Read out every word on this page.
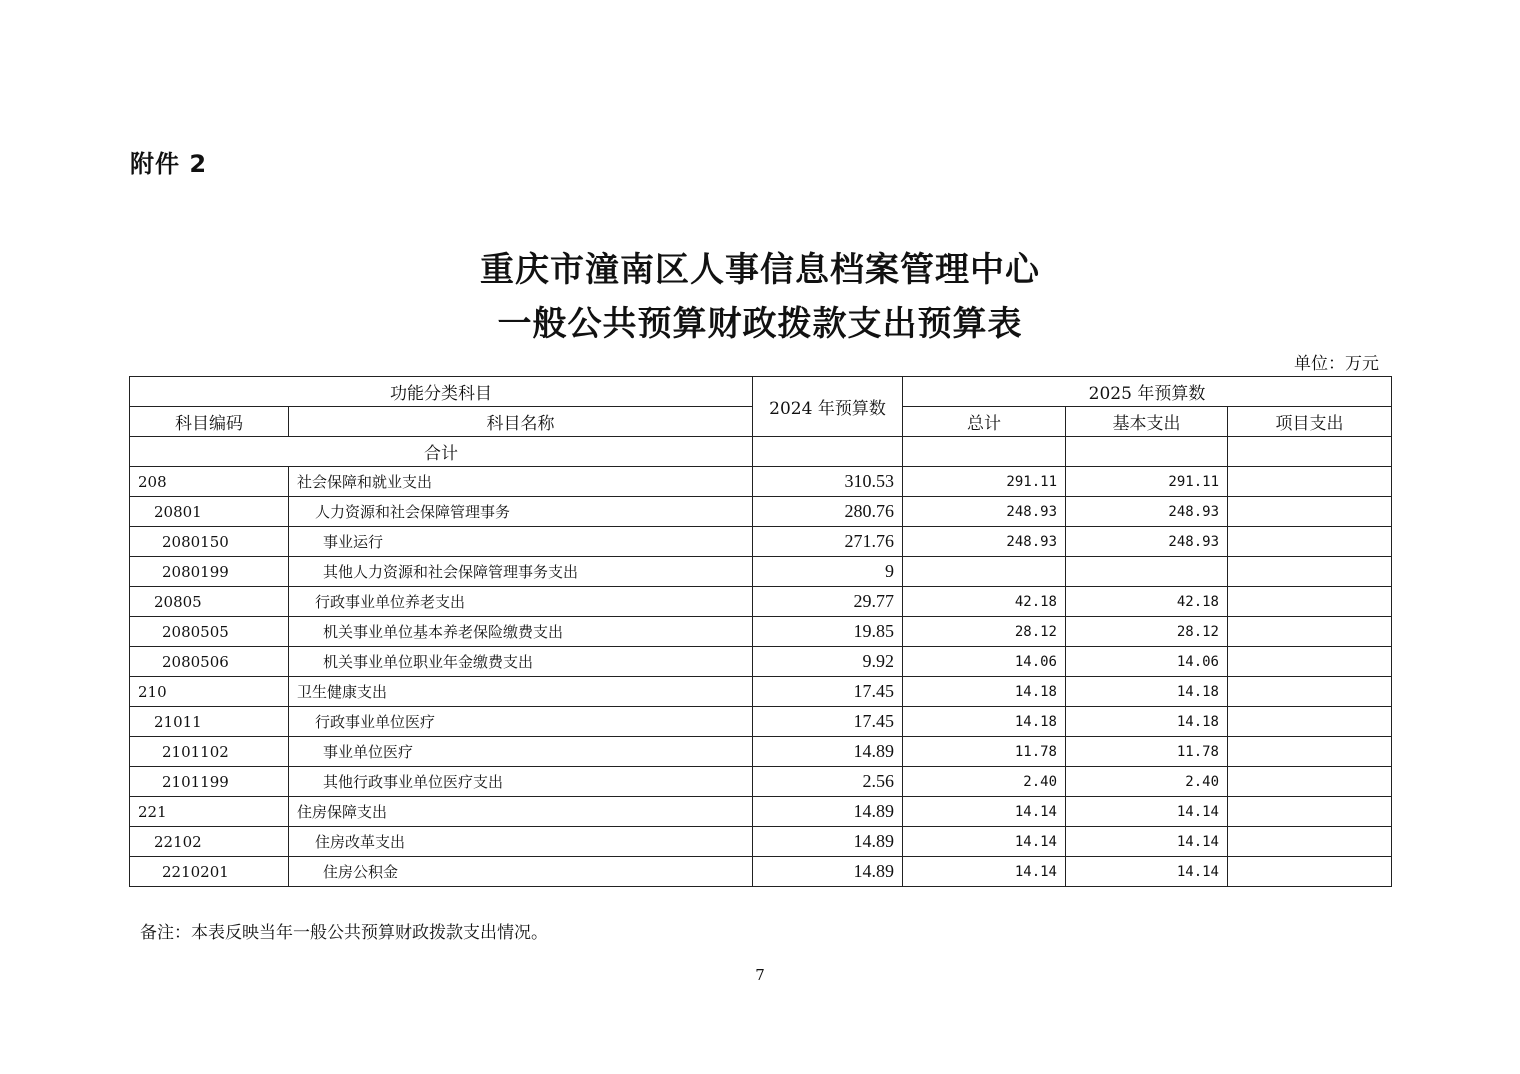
附件 2
重庆市潼南区人事信息档案管理中心
一般公共预算财政拨款支出预算表
单位：万元
功能分类科目		2024 年预算数	2025 年预算数		
科目编码	科目名称		总计	基本支出	项目支出
合计					
208	社会保障和就业支出	310.53	291.11	291.11	
20801	人力资源和社会保障管理事务	280.76	248.93	248.93	
2080150	事业运行	271.76	248.93	248.93	
2080199	其他人力资源和社会保障管理事务支出	9			
20805	行政事业单位养老支出	29.77	42.18	42.18	
2080505	机关事业单位基本养老保险缴费支出	19.85	28.12	28.12	
2080506	机关事业单位职业年金缴费支出	9.92	14.06	14.06	
210	卫生健康支出	17.45	14.18	14.18	
21011	行政事业单位医疗	17.45	14.18	14.18	
2101102	事业单位医疗	14.89	11.78	11.78	
2101199	其他行政事业单位医疗支出	2.56	2.40	2.40	
221	住房保障支出	14.89	14.14	14.14	
22102	住房改革支出	14.89	14.14	14.14	
2210201	住房公积金	14.89	14.14	14.14	
备注：本表反映当年一般公共预算财政拨款支出情况。
7
